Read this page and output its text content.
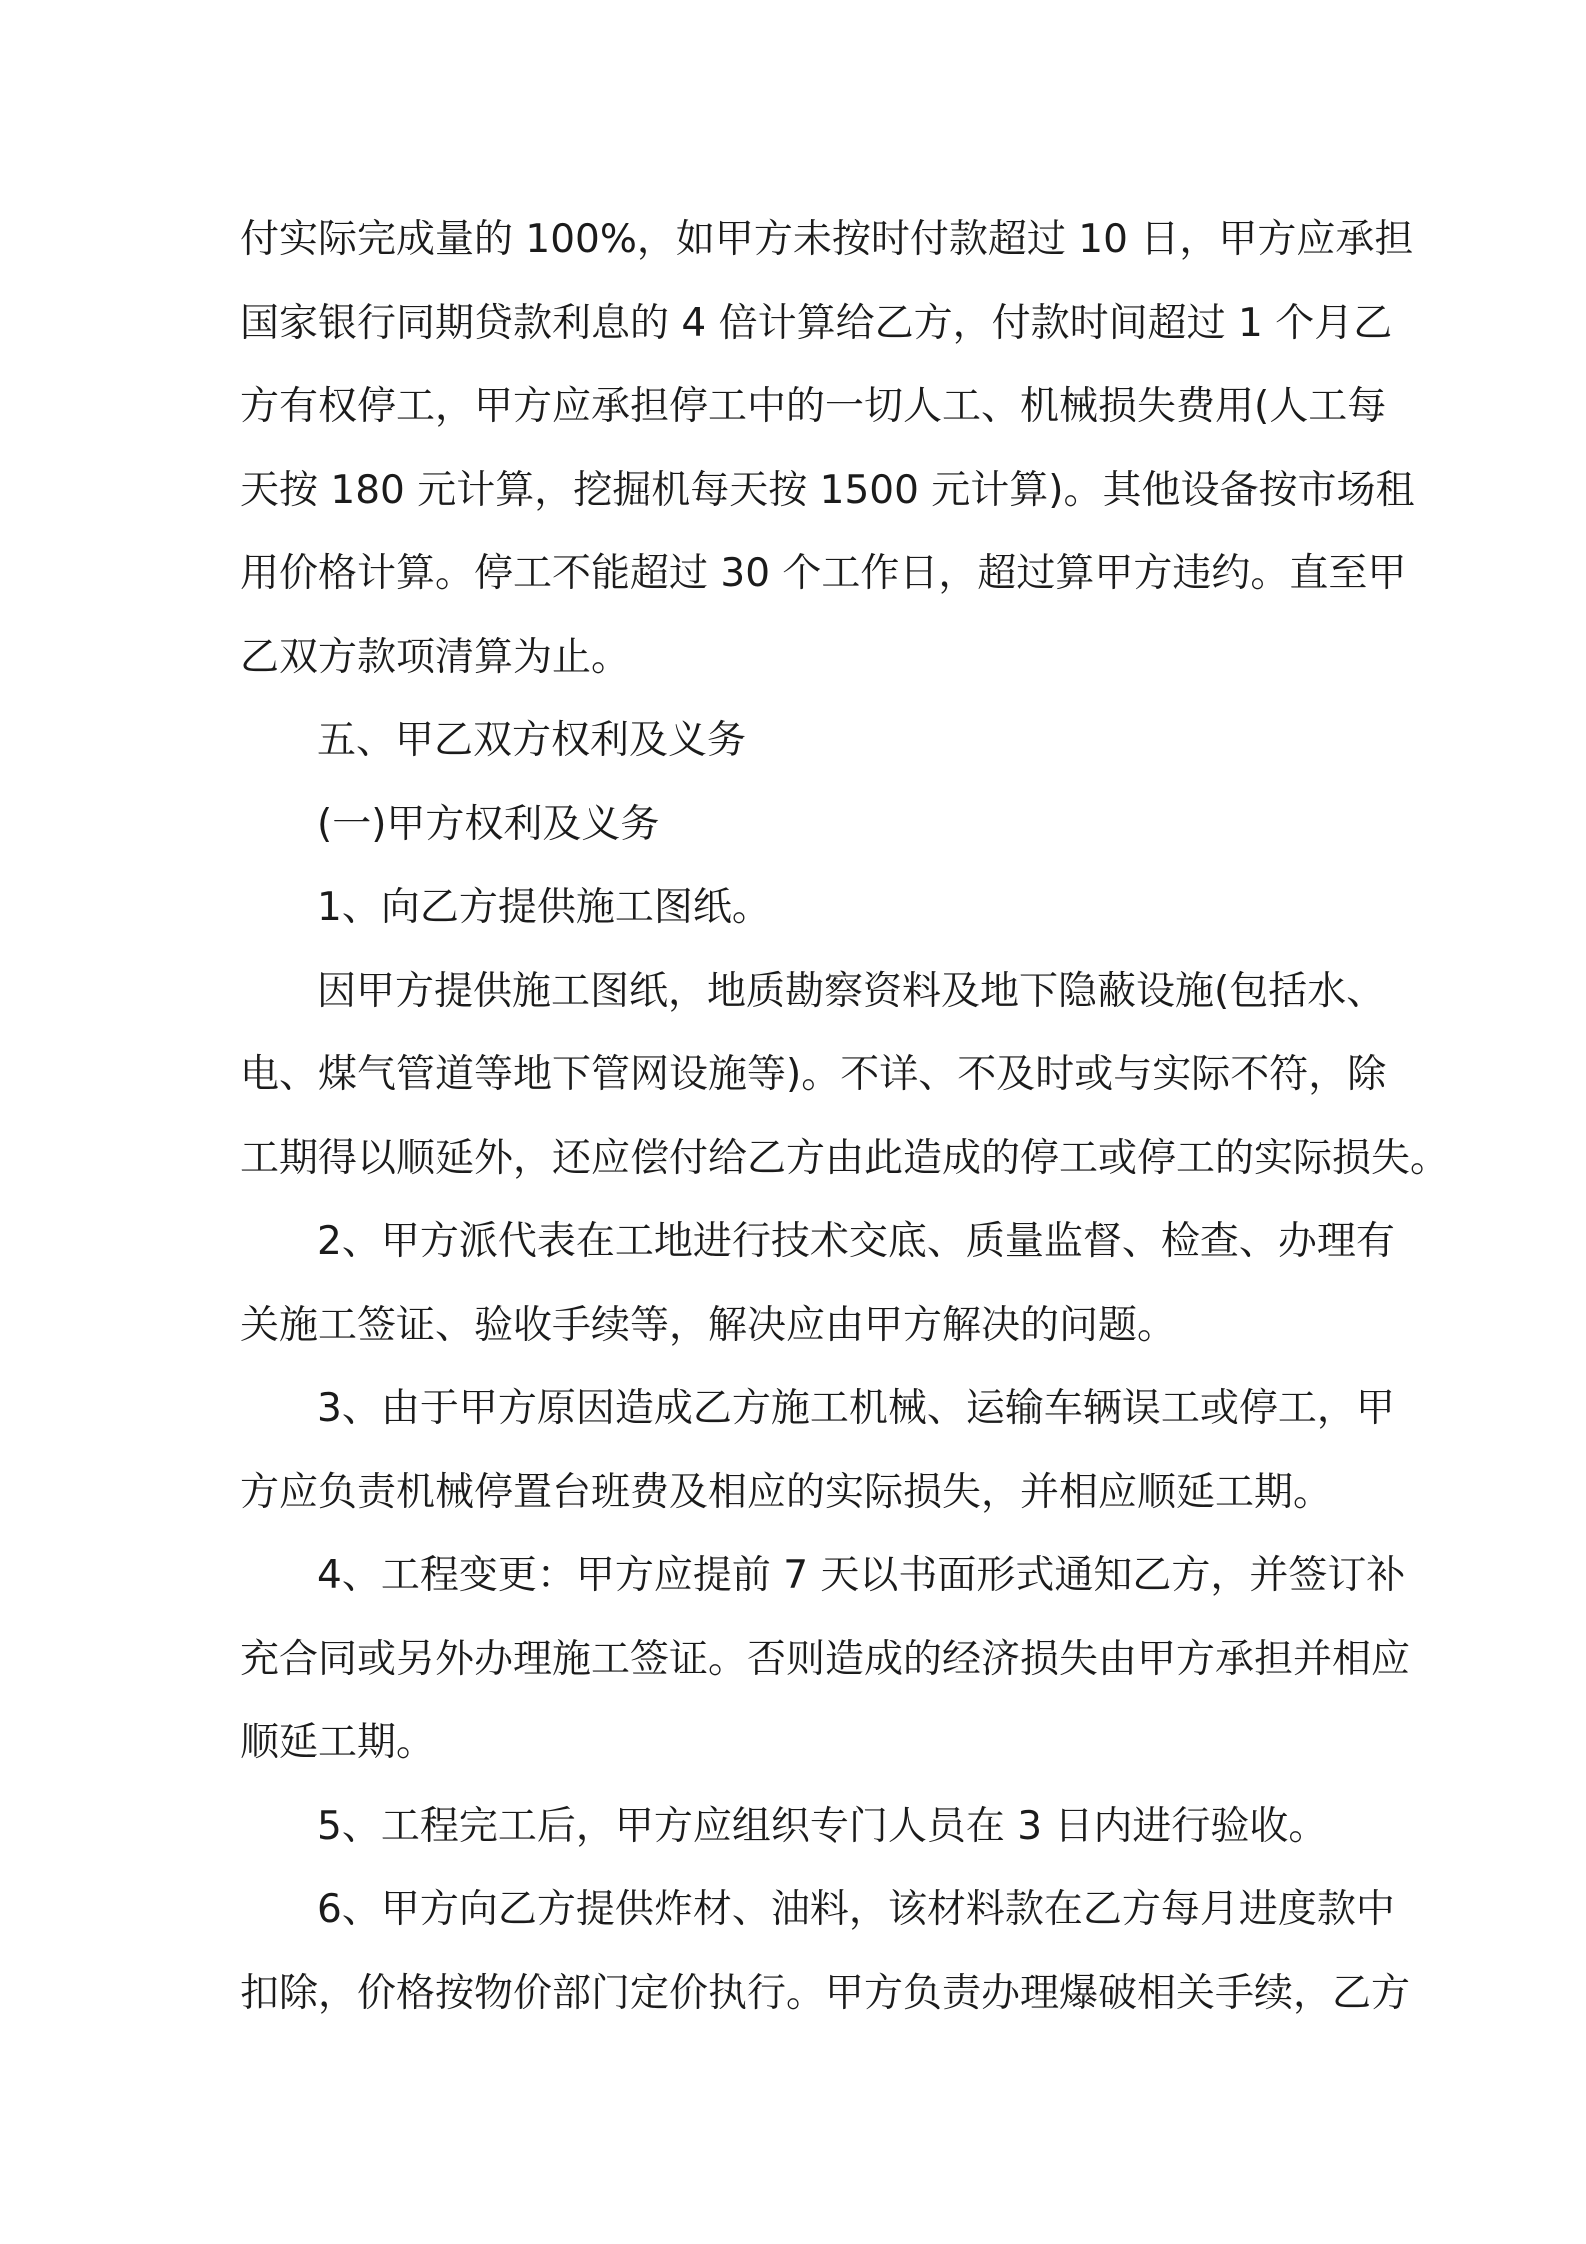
付实际完成量的 100%，如甲方未按时付款超过 10 日，甲方应承担
国家银行同期贷款利息的 4 倍计算给乙方，付款时间超过 1 个月乙
方有权停工，甲方应承担停工中的一切人工、机械损失费用(人工每
天按 180 元计算，挖掘机每天按 1500 元计算)。其他设备按市场租
用价格计算。停工不能超过 30 个工作日，超过算甲方违约。直至甲
乙双方款项清算为止。
五、甲乙双方权利及义务
(一)甲方权利及义务
1、向乙方提供施工图纸。
因甲方提供施工图纸，地质勘察资料及地下隐蔽设施(包括水、
电、煤气管道等地下管网设施等)。不详、不及时或与实际不符，除
工期得以顺延外，还应偿付给乙方由此造成的停工或停工的实际损失。
2、甲方派代表在工地进行技术交底、质量监督、检查、办理有
关施工签证、验收手续等，解决应由甲方解决的问题。
3、由于甲方原因造成乙方施工机械、运输车辆误工或停工，甲
方应负责机械停置台班费及相应的实际损失，并相应顺延工期。
4、工程变更：甲方应提前 7 天以书面形式通知乙方，并签订补
充合同或另外办理施工签证。否则造成的经济损失由甲方承担并相应
顺延工期。
5、工程完工后，甲方应组织专门人员在 3 日内进行验收。
6、甲方向乙方提供炸材、油料，该材料款在乙方每月进度款中
扣除，价格按物价部门定价执行。甲方负责办理爆破相关手续，乙方
